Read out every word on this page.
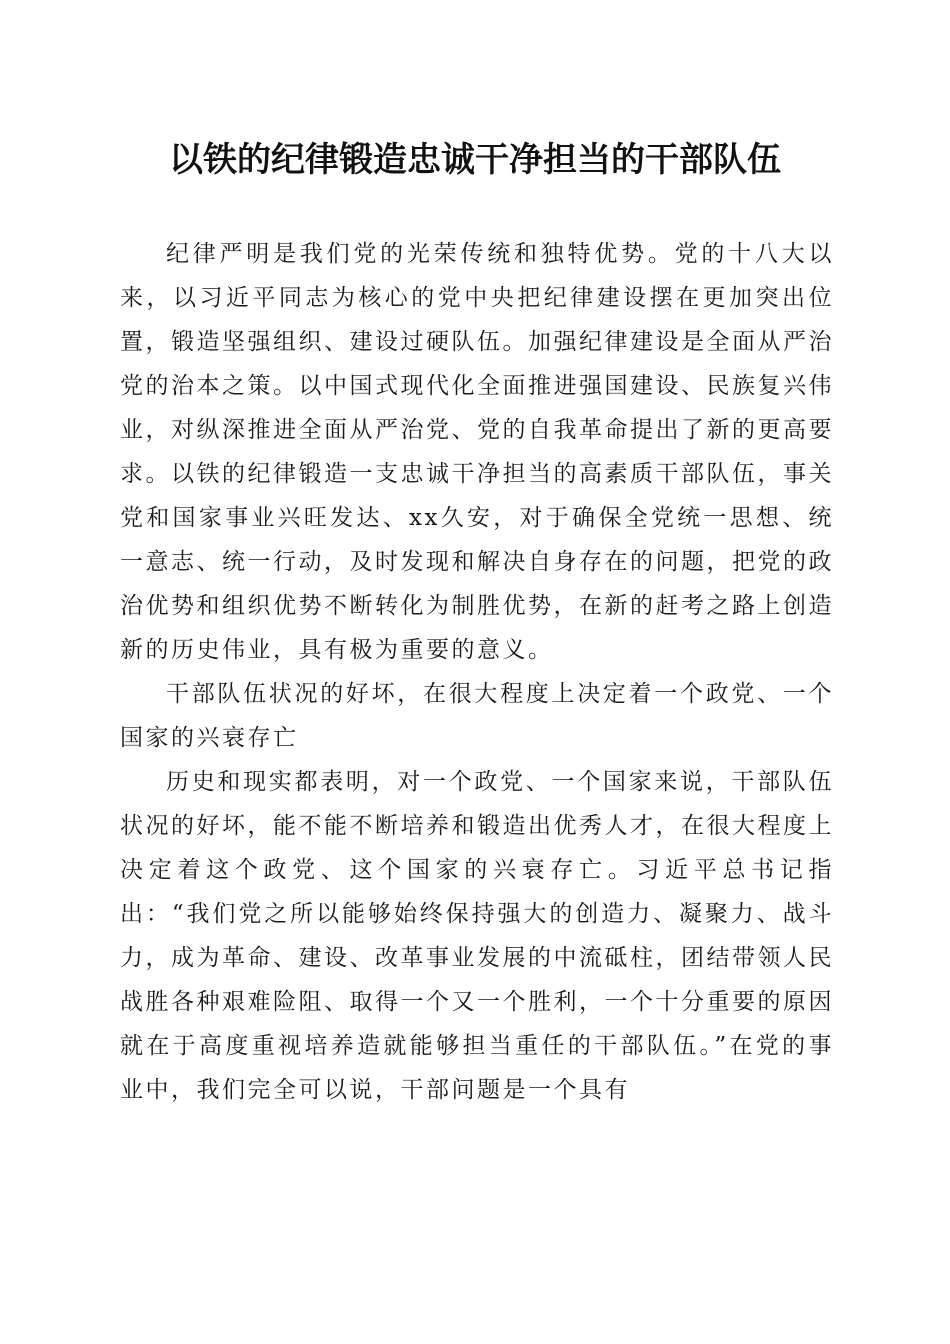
以铁的纪律锻造忠诚干净担当的干部队伍

纪律严明是我们党的光荣传统和独特优势。党的十八大以来，以习近平同志为核心的党中央把纪律建设摆在更加突出位置，锻造坚强组织、建设过硬队伍。加强纪律建设是全面从严治党的治本之策。以中国式现代化全面推进强国建设、民族复兴伟业，对纵深推进全面从严治党、党的自我革命提出了新的更高要求。以铁的纪律锻造一支忠诚干净担当的高素质干部队伍，事关党和国家事业兴旺发达、xx久安，对于确保全党统一思想、统一意志、统一行动，及时发现和解决自身存在的问题，把党的政治优势和组织优势不断转化为制胜优势，在新的赶考之路上创造新的历史伟业，具有极为重要的意义。

干部队伍状况的好坏，在很大程度上决定着一个政党、一个国家的兴衰存亡

历史和现实都表明，对一个政党、一个国家来说，干部队伍状况的好坏，能不能不断培养和锻造出优秀人才，在很大程度上决定着这个政党、这个国家的兴衰存亡。习近平总书记指出：“我们党之所以能够始终保持强大的创造力、凝聚力、战斗力，成为革命、建设、改革事业发展的中流砥柱，团结带领人民战胜各种艰难险阻、取得一个又一个胜利，一个十分重要的原因就在于高度重视培养造就能够担当重任的干部队伍。”在党的事业中，我们完全可以说，干部问题是一个具有
